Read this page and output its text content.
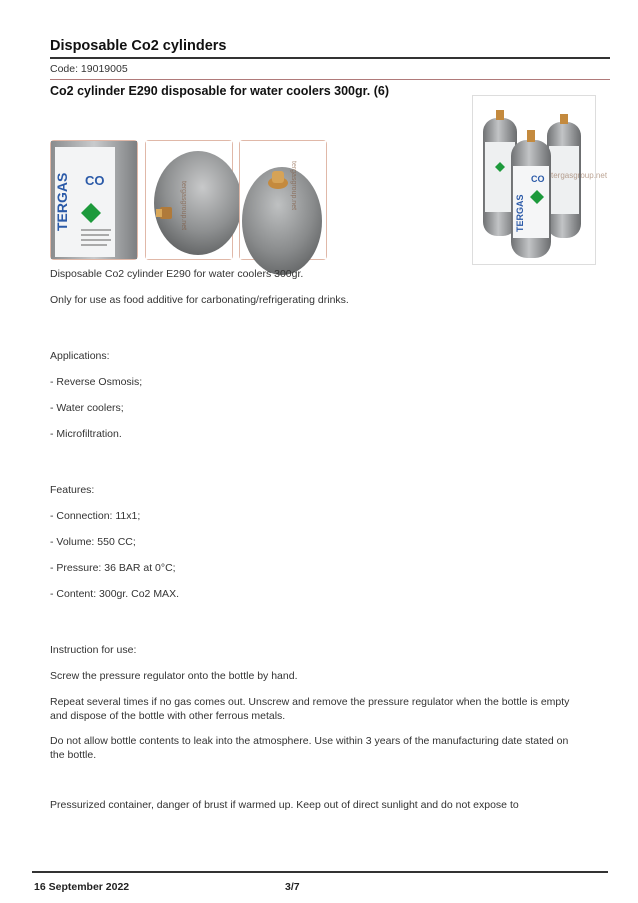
Disposable Co2 cylinders
Code: 19019005
Co2 cylinder E290 disposable for water coolers 300gr. (6)
TERGAS CO
tergasgroup.net	tergasgroup.net
TERGAS
CO tergasgroup.net

Disposable Co2 cylinder E290 for water coolers 300gr.

Only for use as food additive for carbonating/refrigerating drinks.

Applications:

- Reverse Osmosis;

- Water coolers;

- Microfiltration.

Features:

- Connection: 11x1;

- Volume: 550 CC;

- Pressure: 36 BAR at 0°C;

- Content: 300gr. Co2 MAX.

Instruction for use:

Screw the pressure regulator onto the bottle by hand.

Repeat several times if no gas comes out. Unscrew and remove the pressure regulator when the bottle is empty and dispose of the bottle with other ferrous metals.

Do not allow bottle contents to leak into the atmosphere. Use within 3 years of the manufacturing date stated on the bottle.

Pressurized container, danger of brust if warmed up. Keep out of direct sunlight and do not expose to

16 September 2022	3/7
